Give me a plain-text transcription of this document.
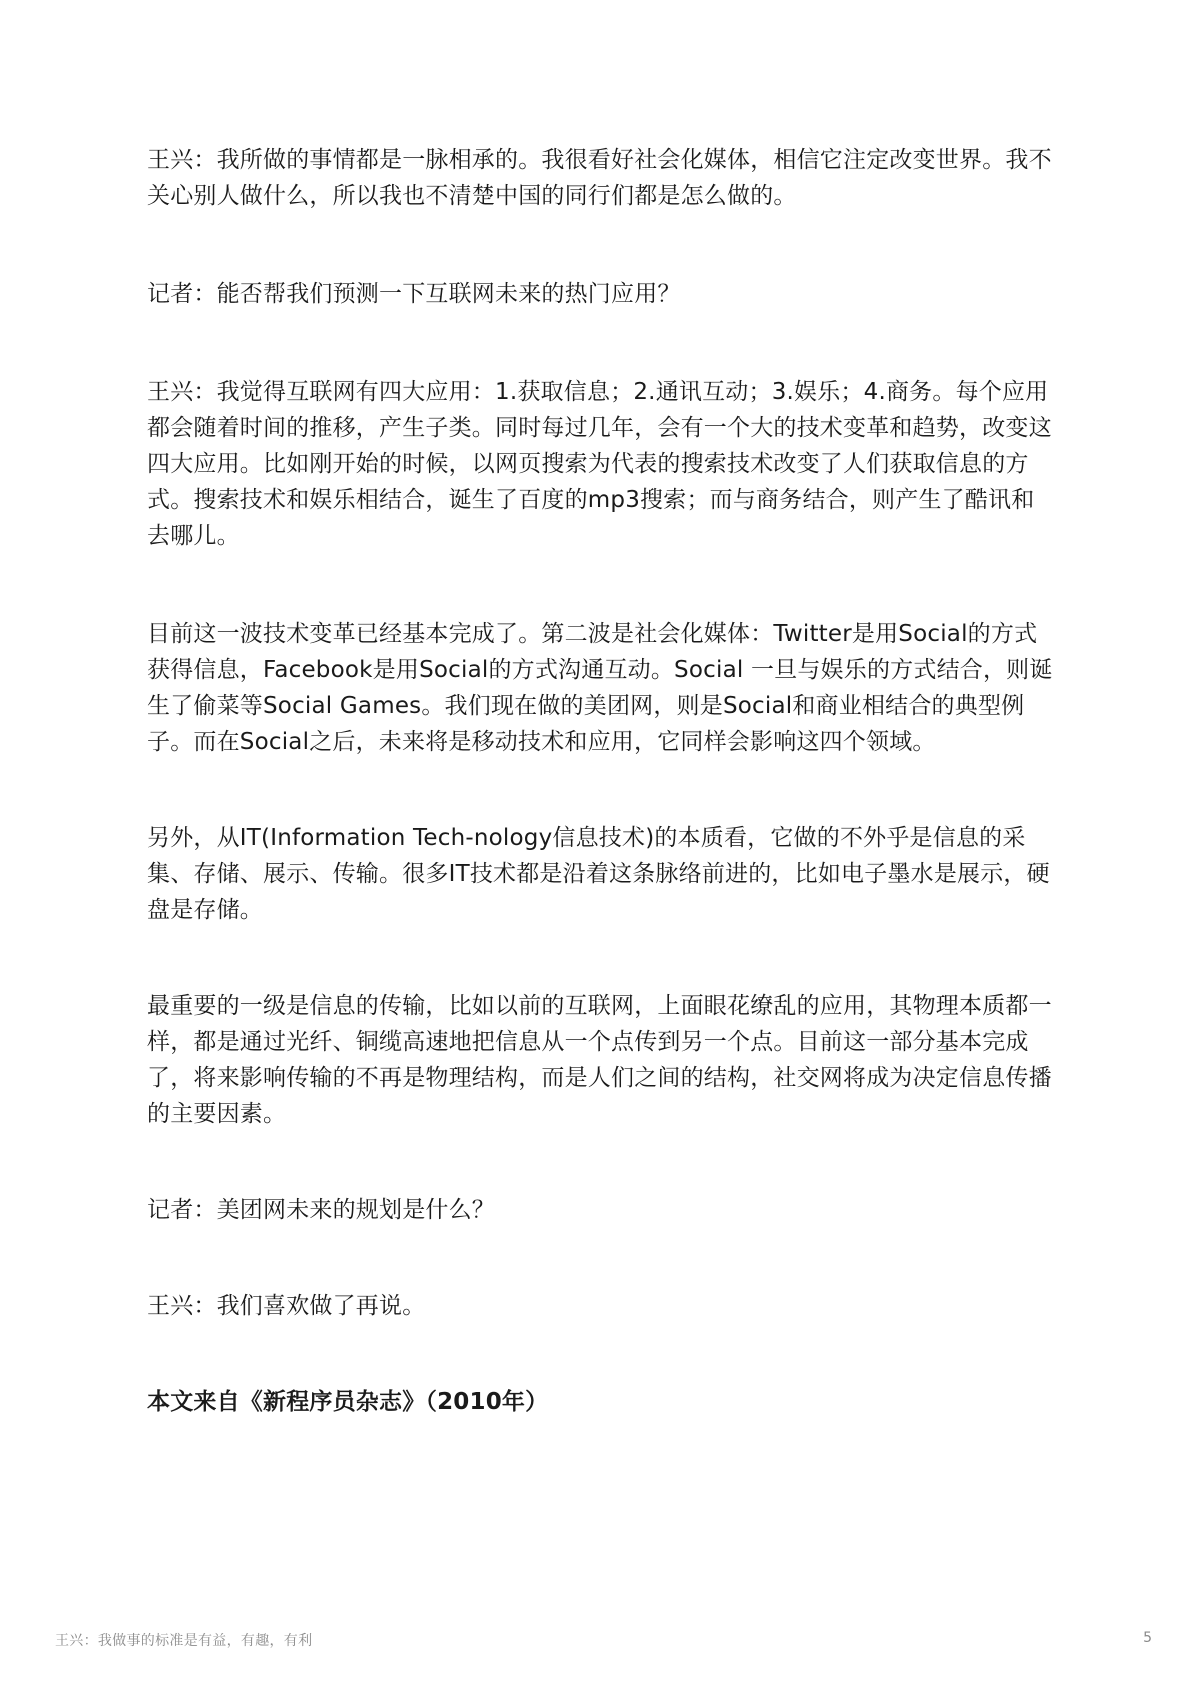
王兴：我所做的事情都是一脉相承的。我很看好社会化媒体，相信它注定改变世界。我不关心别人做什么，所以我也不清楚中国的同行们都是怎么做的。

记者：能否帮我们预测一下互联网未来的热门应用？

王兴：我觉得互联网有四大应用：1.获取信息；2.通讯互动；3.娱乐；4.商务。每个应用都会随着时间的推移，产生子类。同时每过几年，会有一个大的技术变革和趋势，改变这四大应用。比如刚开始的时候，以网页搜索为代表的搜索技术改变了人们获取信息的方式。搜索技术和娱乐相结合，诞生了百度的mp3搜索；而与商务结合，则产生了酷讯和去哪儿。

目前这一波技术变革已经基本完成了。第二波是社会化媒体：Twitter是用Social的方式获得信息，Facebook是用Social的方式沟通互动。Social 一旦与娱乐的方式结合，则诞生了偷菜等Social Games。我们现在做的美团网，则是Social和商业相结合的典型例子。而在Social之后，未来将是移动技术和应用，它同样会影响这四个领域。

另外，从IT(Information Tech-nology信息技术)的本质看，它做的不外乎是信息的采集、存储、展示、传输。很多IT技术都是沿着这条脉络前进的，比如电子墨水是展示，硬盘是存储。

最重要的一级是信息的传输，比如以前的互联网，上面眼花缭乱的应用，其物理本质都一样，都是通过光纤、铜缆高速地把信息从一个点传到另一个点。目前这一部分基本完成了，将来影响传输的不再是物理结构，而是人们之间的结构，社交网将成为决定信息传播的主要因素。

记者：美团网未来的规划是什么？

王兴：我们喜欢做了再说。

本文来自《新程序员杂志》（2010年）

王兴：我做事的标准是有益，有趣，有利	5
